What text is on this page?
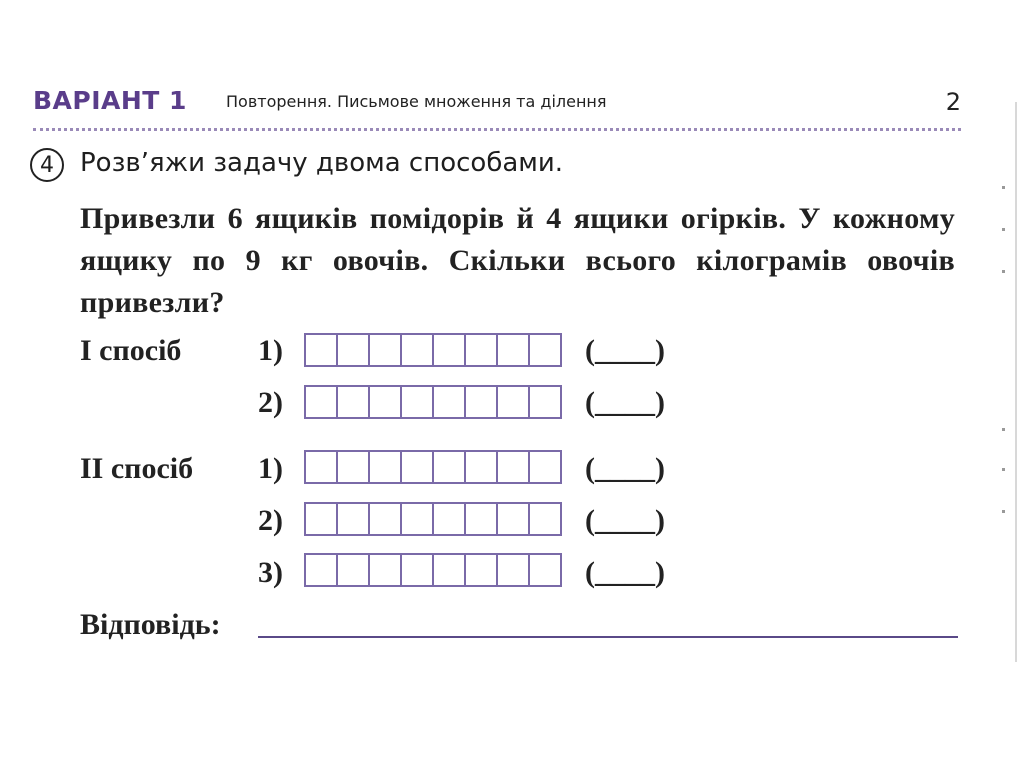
ВАРІАНТ 1 Повторення. Письмове множення та ділення	2
4	Розв’яжи задачу двома способами.
Привезли 6 ящиків помідорів й 4 ящики огірків. У кожному ящику по 9 кг овочів. Скільки всього кілограмів овочів привезли?
І спосіб	1)	(____)
2)	(____)
ІІ спосіб 1)	(____)
2)	(____)
3)	(____)
Відповідь:
